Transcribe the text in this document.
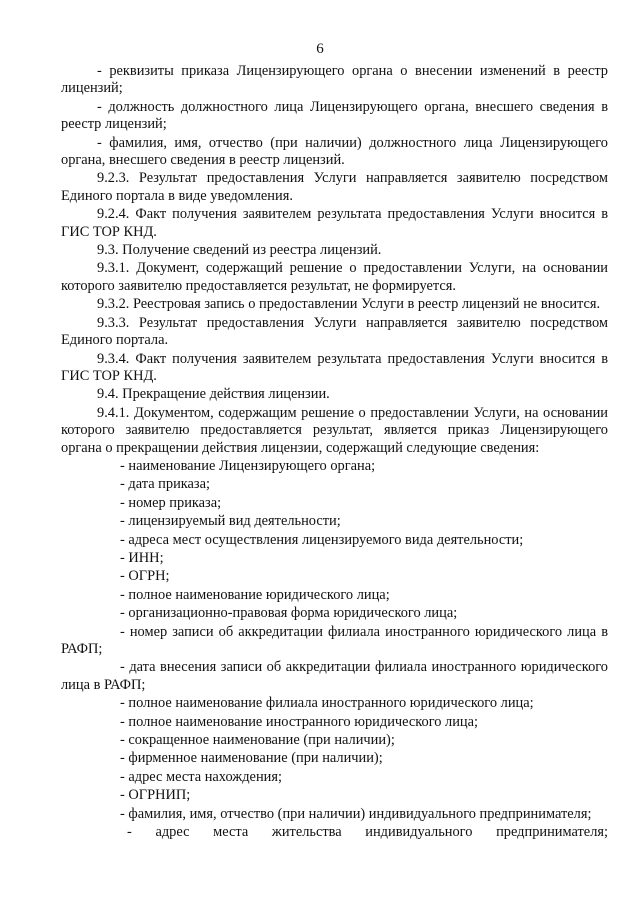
6

- реквизиты приказа Лицензирующего органа о внесении изменений в реестр лицензий;

- должность должностного лица Лицензирующего органа, внесшего сведения в реестр лицензий;

- фамилия, имя, отчество (при наличии) должностного лица Лицензирующего органа, внесшего сведения в реестр лицензий.

9.2.3. Результат предоставления Услуги направляется заявителю посредством Единого портала в виде уведомления.

9.2.4. Факт получения заявителем результата предоставления Услуги вносится в ГИС ТОР КНД.

9.3. Получение сведений из реестра лицензий.

9.3.1. Документ, содержащий решение о предоставлении Услуги, на основании которого заявителю предоставляется результат, не формируется.

9.3.2. Реестровая запись о предоставлении Услуги в реестр лицензий не вносится.

9.3.3. Результат предоставления Услуги направляется заявителю посредством Единого портала.

9.3.4. Факт получения заявителем результата предоставления Услуги вносится в ГИС ТОР КНД.

9.4. Прекращение действия лицензии.

9.4.1. Документом, содержащим решение о предоставлении Услуги, на основании которого заявителю предоставляется результат, является приказ Лицензирующего органа о прекращении действия лицензии, содержащий следующие сведения:

- наименование Лицензирующего органа;

- дата приказа;

- номер приказа;

- лицензируемый вид деятельности;

- адреса мест осуществления лицензируемого вида деятельности;

- ИНН;

- ОГРН;

- полное наименование юридического лица;

- организационно-правовая форма юридического лица;

- номер записи об аккредитации филиала иностранного юридического лица в РАФП;

- дата внесения записи об аккредитации филиала иностранного юридического лица в РАФП;

- полное наименование филиала иностранного юридического лица;

- полное наименование иностранного юридического лица;

- сокращенное наименование (при наличии);

- фирменное наименование (при наличии);

- адрес места нахождения;

- ОГРНИП;

- фамилия, имя, отчество (при наличии) индивидуального предпринимателя;

- адрес места жительства индивидуального предпринимателя;
